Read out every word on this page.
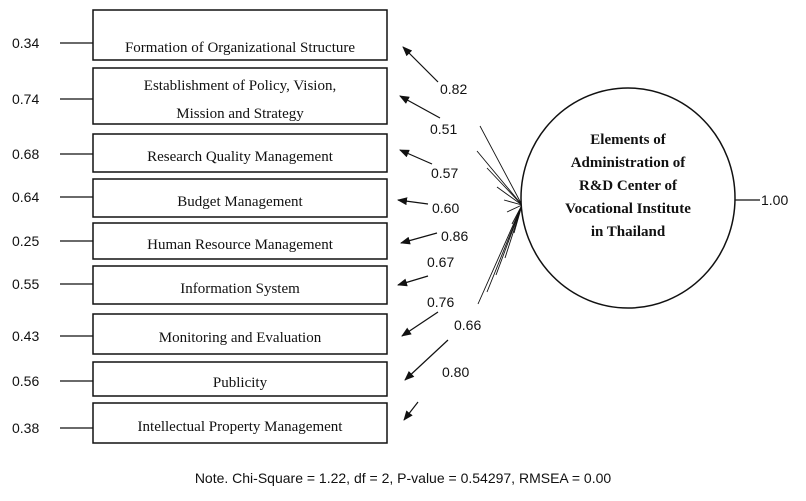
0.34
0.74
0.68
0.64
0.25
0.55
0.43
0.56
0.38
Formation of Organizational Structure
Establishment of Policy, Vision,
Mission and Strategy
Research Quality Management
Budget Management
Human Resource Management
Information System
Monitoring and Evaluation
Publicity
Intellectual Property Management
0.82
0.51
0.57
0.60
0.86
0.67
0.76
0.66
0.80
Elements of
Administration of
R&D Center of
Vocational Institute
in Thailand
1.00
Note. Chi-Square = 1.22, df = 2, P-value = 0.54297, RMSEA = 0.00
